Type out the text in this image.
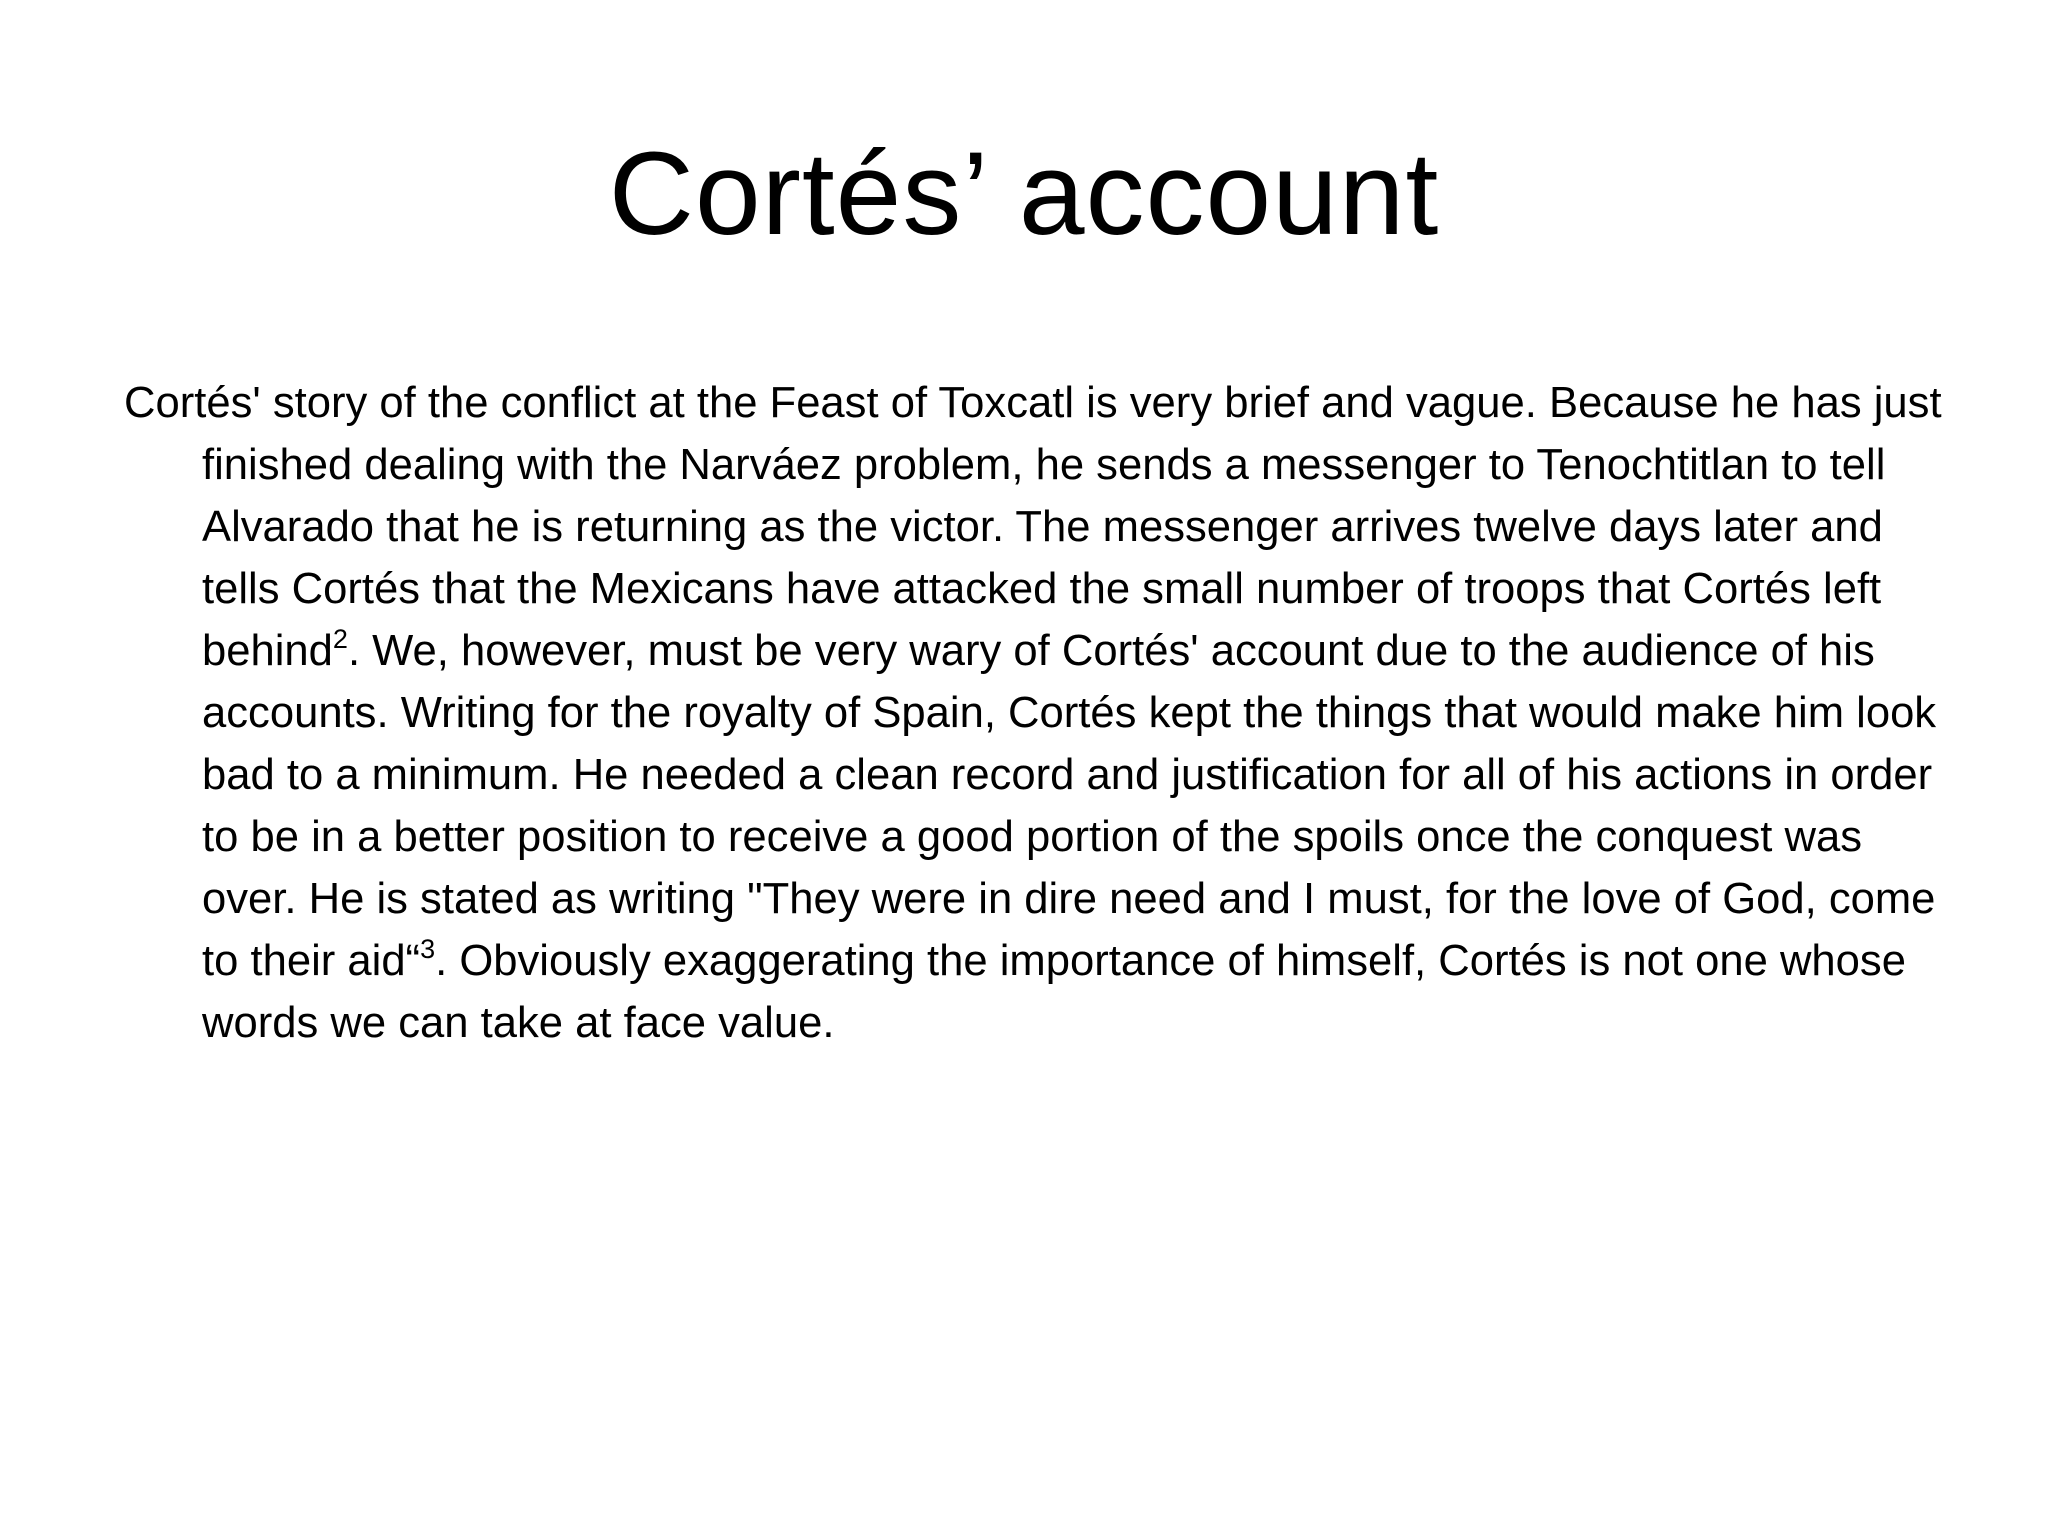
Cortés’ account

Cortés' story of the conflict at the Feast of Toxcatl is very brief and vague. Because he has just finished dealing with the Narváez problem, he sends a messenger to Tenochtitlan to tell Alvarado that he is returning as the victor. The messenger arrives twelve days later and tells Cortés that the Mexicans have attacked the small number of troops that Cortés left behind$^2$. We, however, must be very wary of Cortés' account due to the audience of his accounts. Writing for the royalty of Spain, Cortés kept the things that would make him look bad to a minimum. He needed a clean record and justification for all of his actions in order to be in a better position to receive a good portion of the spoils once the conquest was over. He is stated as writing "They were in dire need and I must, for the love of God, come to their aid“$^3$. Obviously exaggerating the importance of himself, Cortés is not one whose words we can take at face value.
